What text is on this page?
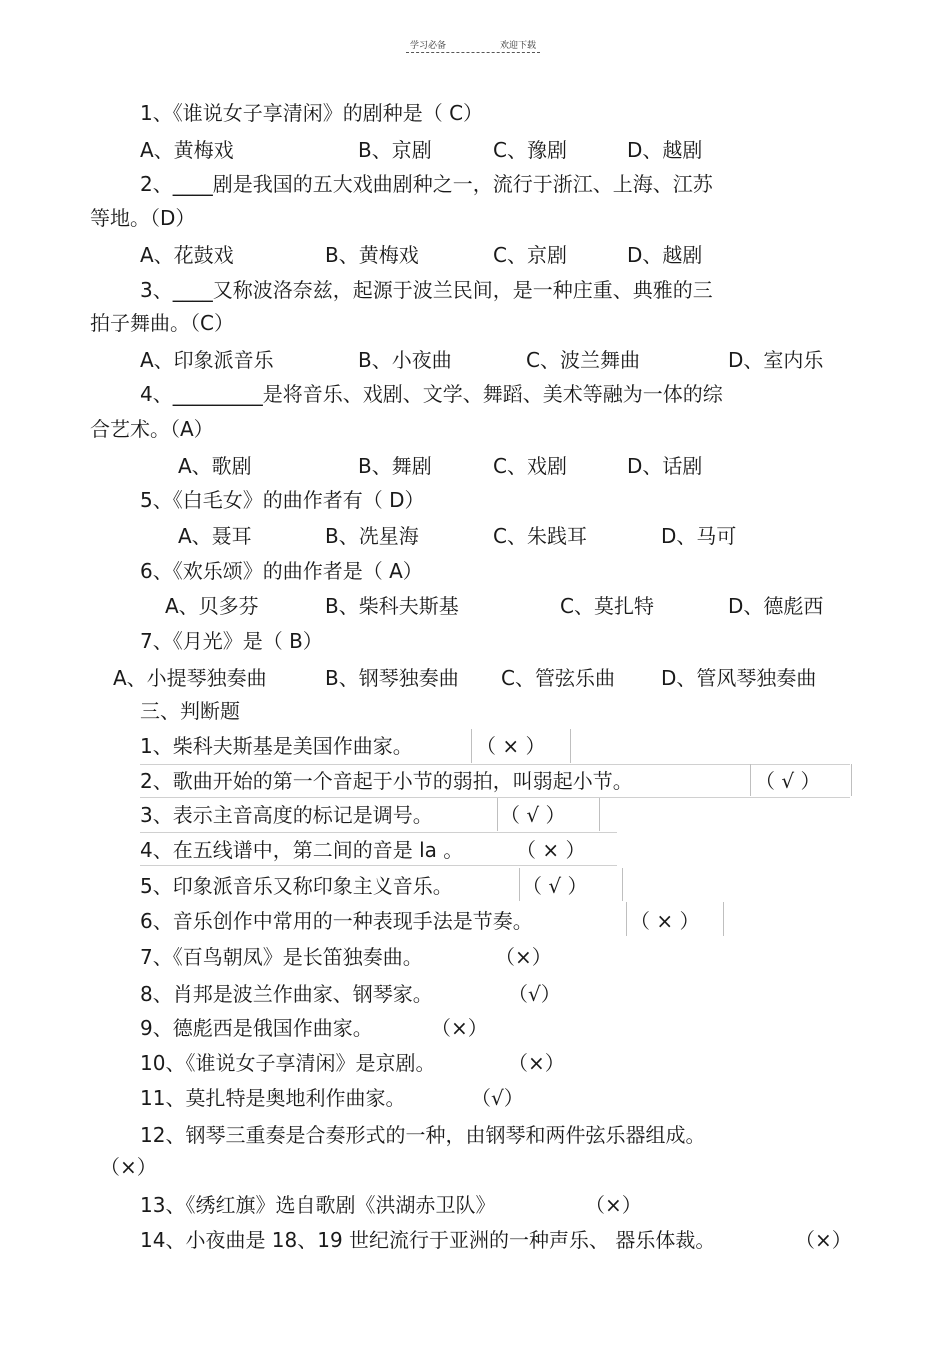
学习必备	欢迎下载

1、《谁说女子享清闲》的剧种是（ C）
A、黄梅戏	B、京剧	C、豫剧	D、越剧
2、____剧是我国的五大戏曲剧种之一，流行于浙江、上海、江苏
等地。（D）
A、花鼓戏	B、黄梅戏	C、京剧	D、越剧
3、____又称波洛奈兹，起源于波兰民间，是一种庄重、典雅的三
拍子舞曲。（C）
A、印象派音乐	B、小夜曲	C、波兰舞曲	D、室内乐
4、_________是将音乐、戏剧、文学、舞蹈、美术等融为一体的综
合艺术。（A）
A、歌剧	B、舞剧	C、戏剧	D、话剧
5、《白毛女》的曲作者有（ D）
A、聂耳	B、冼星海	C、朱践耳	D、马可
6、《欢乐颂》的曲作者是（ A）
A、贝多芬	B、柴科夫斯基	C、莫扎特	D、德彪西
7、《月光》是（ B）
A、小提琴独奏曲	B、钢琴独奏曲 C、管弦乐曲 D、管风琴独奏曲
三、判断题
1、柴科夫斯基是美国作曲家。	（ × ）
2、歌曲开始的第一个音起于小节的弱拍，叫弱起小节。	（ √ ）
3、表示主音高度的标记是调号。	（ √ ）
4、在五线谱中，第二间的音是 la 。	（ × ）
5、印象派音乐又称印象主义音乐。	（ √ ）
6、音乐创作中常用的一种表现手法是节奏。	（ × ）
7、《百鸟朝凤》是长笛独奏曲。	（×）
8、肖邦是波兰作曲家、钢琴家。	（√）
9、德彪西是俄国作曲家。	（×）
10、《谁说女子享清闲》是京剧。	（×）
11、莫扎特是奥地利作曲家。	（√）
12、钢琴三重奏是合奏形式的一种，由钢琴和两件弦乐器组成。
（×）
13、《绣红旗》选自歌剧《洪湖赤卫队》	（×）
14、小夜曲是 18、19 世纪流行于亚洲的一种声乐、 器乐体裁。	（×）
